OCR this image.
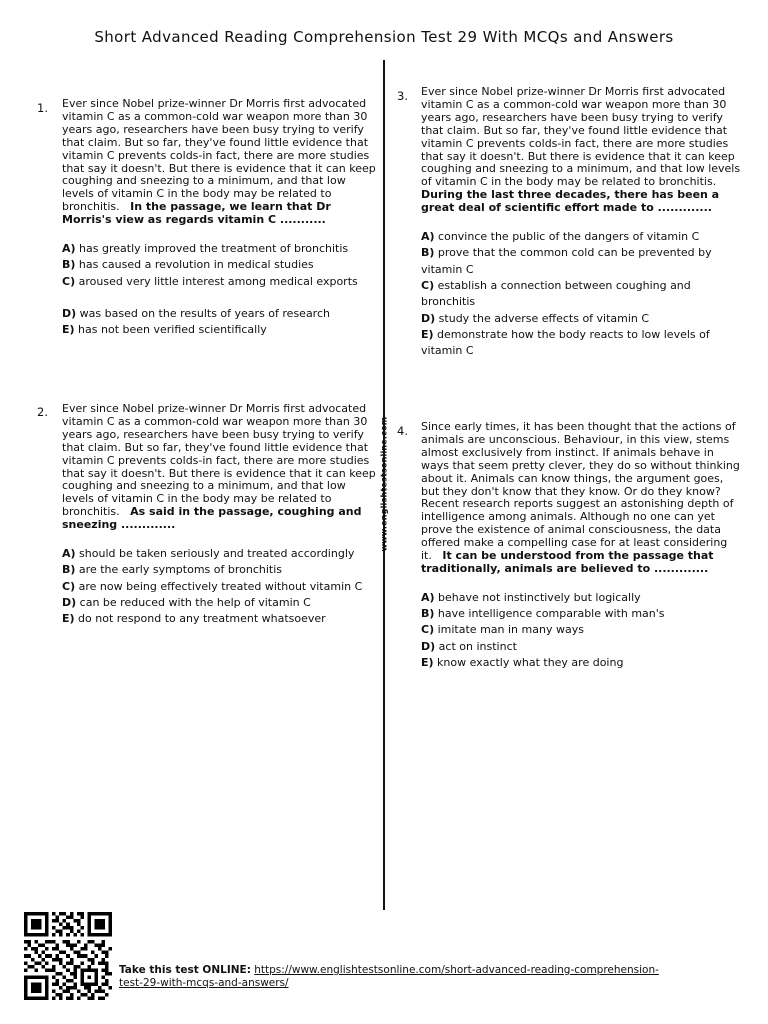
Short Advanced Reading Comprehension Test 29 With MCQs and Answers
www.englishtestsonline.com
1. Ever since Nobel prize-winner Dr Morris first advocated vitamin C as a common-cold war weapon more than 30 years ago, researchers have been busy trying to verify that claim. But so far, they've found little evidence that vitamin C prevents colds-in fact, there are more studies that say it doesn't. But there is evidence that it can keep coughing and sneezing to a minimum, and that low levels of vitamin C in the body may be related to bronchitis. In the passage, we learn that Dr Morris's view as regards vitamin C ...........

A) has greatly improved the treatment of bronchitis
B) has caused a revolution in medical studies
C) aroused very little interest among medical exports
D) was based on the results of years of research
E) has not been verified scientifically
2. Ever since Nobel prize-winner Dr Morris first advocated vitamin C as a common-cold war weapon more than 30 years ago, researchers have been busy trying to verify that claim. But so far, they've found little evidence that vitamin C prevents colds-in fact, there are more studies that say it doesn't. But there is evidence that it can keep coughing and sneezing to a minimum, and that low levels of vitamin C in the body may be related to bronchitis. As said in the passage, coughing and sneezing .............

A) should be taken seriously and treated accordingly
B) are the early symptoms of bronchitis
C) are now being effectively treated without vitamin C
D) can be reduced with the help of vitamin C
E) do not respond to any treatment whatsoever
3. Ever since Nobel prize-winner Dr Morris first advocated vitamin C as a common-cold war weapon more than 30 years ago, researchers have been busy trying to verify that claim. But so far, they've found little evidence that vitamin C prevents colds-in fact, there are more studies that say it doesn't. But there is evidence that it can keep coughing and sneezing to a minimum, and that low levels of vitamin C in the body may be related to bronchitis.   During the last three decades, there has been a great deal of scientific effort made to .............

A) convince the public of the dangers of vitamin C
B) prove that the common cold can be prevented by vitamin C
C) establish a connection between coughing and bronchitis
D) study the adverse effects of vitamin C
E) demonstrate how the body reacts to low levels of vitamin C
4. Since early times, it has been thought that the actions of animals are unconscious. Behaviour, in this view, stems almost exclusively from instinct. If animals behave in ways that seem pretty clever, they do so without thinking about it. Animals can know things, the argument goes, but they don't know that they know. Or do they know? Recent research reports suggest an astonishing depth of intelligence among animals. Although no one can yet prove the existence of animal consciousness, the data offered make a compelling case for at least considering it. It can be understood from the passage that traditionally, animals are believed to .............

A) behave not instinctively but logically
B) have intelligence comparable with man's
C) imitate man in many ways
D) act on instinct
E) know exactly what they are doing
Take this test ONLINE: https://www.englishtestsonline.com/short-advanced-reading-comprehension-test-29-with-mcqs-and-answers/
